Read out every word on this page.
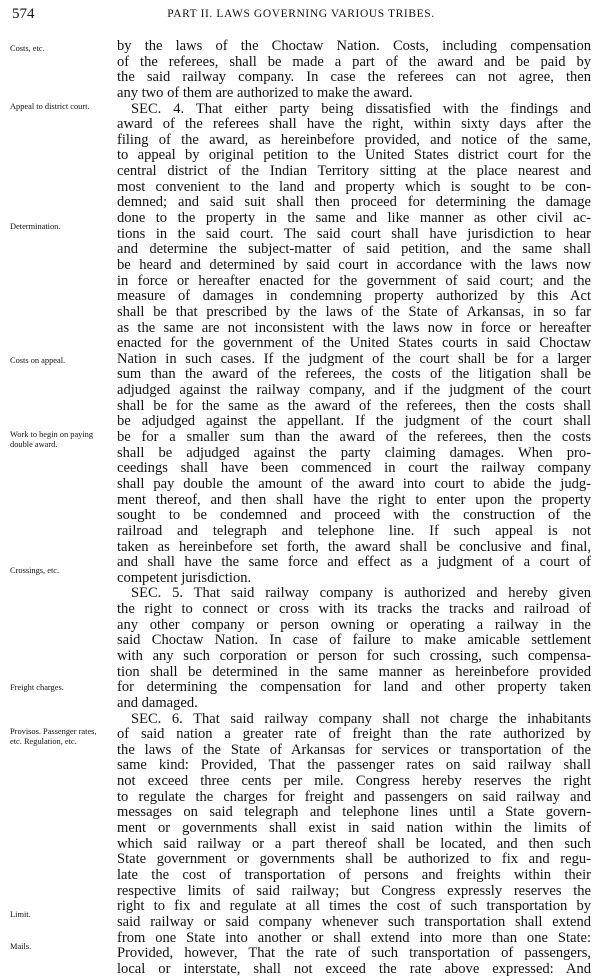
574	PART II. LAWS GOVERNING VARIOUS TRIBES.
Costs, etc.
Appeal to district court.
Determination.
Costs on appeal.
Work to begin on paying double award.
Crossings, etc.
Freight charges.
Provisos. Passenger rates, etc. Regulation, etc.
Limit.
Mails.
by the laws of the Choctaw Nation. Costs, including compensation
of the referees, shall be made a part of the award and be paid by
the said railway company. In case the referees can not agree, then
any two of them are authorized to make the award.
SEC. 4. That either party being dissatisfied with the findings and
award of the referees shall have the right, within sixty days after the
filing of the award, as hereinbefore provided, and notice of the same,
to appeal by original petition to the United States district court for the
central district of the Indian Territory sitting at the place nearest and
most convenient to the land and property which is sought to be con-
demned; and said suit shall then proceed for determining the damage
done to the property in the same and like manner as other civil ac-
tions in the said court. The said court shall have jurisdiction to hear
and determine the subject-matter of said petition, and the same shall
be heard and determined by said court in accordance with the laws now
in force or hereafter enacted for the government of said court; and the
measure of damages in condemning property authorized by this Act
shall be that prescribed by the laws of the State of Arkansas, in so far
as the same are not inconsistent with the laws now in force or hereafter
enacted for the government of the United States courts in said Choctaw
Nation in such cases. If the judgment of the court shall be for a larger
sum than the award of the referees, the costs of the litigation shall be
adjudged against the railway company, and if the judgment of the court
shall be for the same as the award of the referees, then the costs shall
be adjudged against the appellant. If the judgment of the court shall
be for a smaller sum than the award of the referees, then the costs
shall be adjudged against the party claiming damages. When pro-
ceedings shall have been commenced in court the railway company
shall pay double the amount of the award into court to abide the judg-
ment thereof, and then shall have the right to enter upon the property
sought to be condemned and proceed with the construction of the
railroad and telegraph and telephone line. If such appeal is not
taken as hereinbefore set forth, the award shall be conclusive and final,
and shall have the same force and effect as a judgment of a court of
competent jurisdiction.
SEC. 5. That said railway company is authorized and hereby given
the right to connect or cross with its tracks the tracks and railroad of
any other company or person owning or operating a railway in the
said Choctaw Nation. In case of failure to make amicable settlement
with any such corporation or person for such crossing, such compensa-
tion shall be determined in the same manner as hereinbefore provided
for determining the compensation for land and other property taken
and damaged.
SEC. 6. That said railway company shall not charge the inhabitants
of said nation a greater rate of freight than the rate authorized by
the laws of the State of Arkansas for services or transportation of the
same kind: Provided, That the passenger rates on said railway shall
not exceed three cents per mile. Congress hereby reserves the right
to regulate the charges for freight and passengers on said railway and
messages on said telegraph and telephone lines until a State govern-
ment or governments shall exist in said nation within the limits of
which said railway or a part thereof shall be located, and then such
State government or governments shall be authorized to fix and regu-
late the cost of transportation of persons and freights within their
respective limits of said railway; but Congress expressly reserves the
right to fix and regulate at all times the cost of such transportation by
said railway or said company whenever such transportation shall extend
from one State into another or shall extend into more than one State:
Provided, however, That the rate of such transportation of passengers,
local or interstate, shall not exceed the rate above expressed: And
